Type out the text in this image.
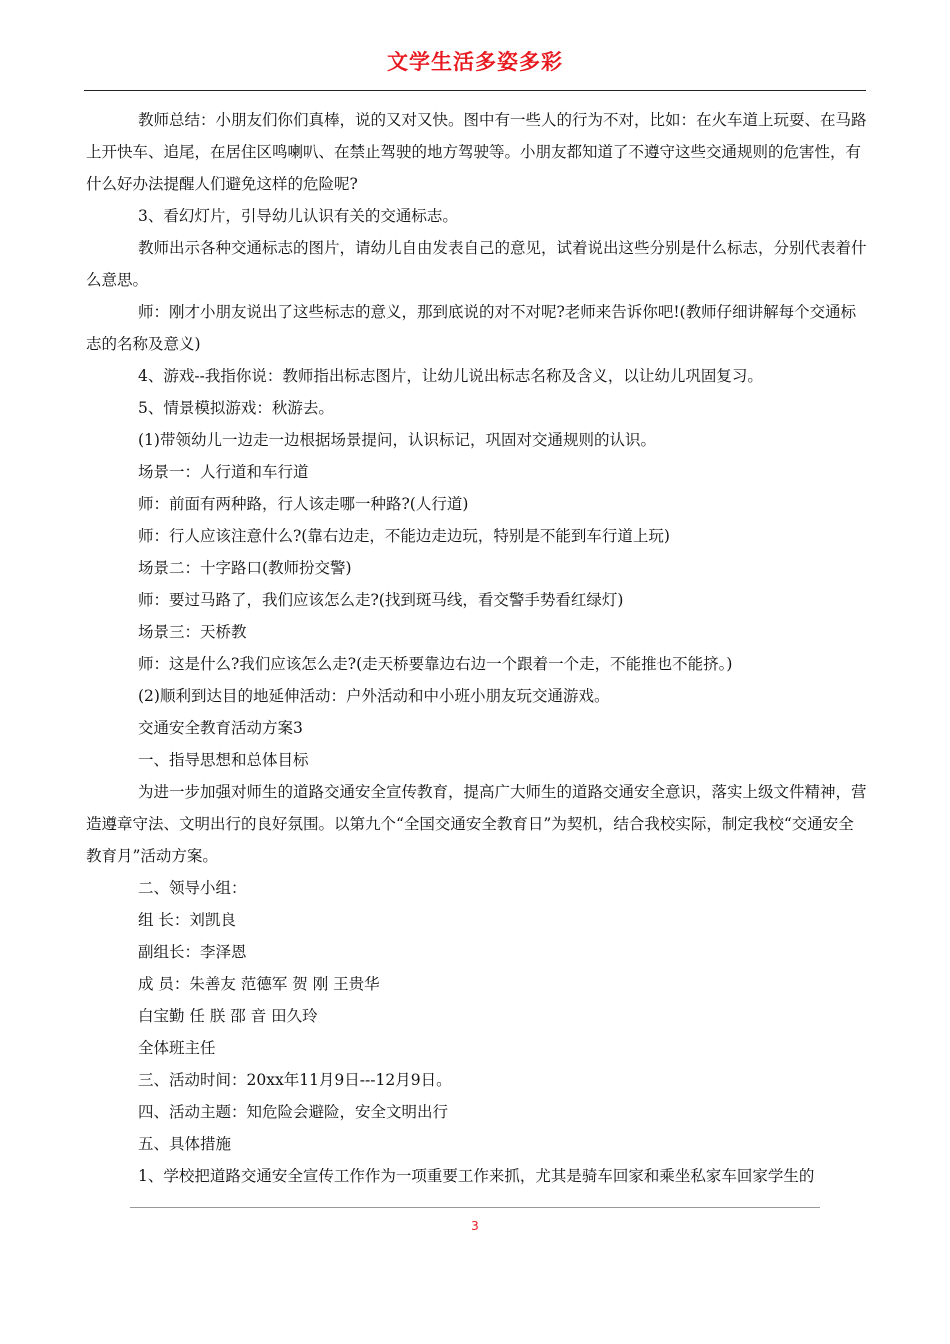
文学生活多姿多彩

教师总结：小朋友们你们真棒，说的又对又快。图中有一些人的行为不对，比如：在火车道上玩耍、在马路上开快车、追尾，在居住区鸣喇叭、在禁止驾驶的地方驾驶等。小朋友都知道了不遵守这些交通规则的危害性，有什么好办法提醒人们避免这样的危险呢?

3、看幻灯片，引导幼儿认识有关的交通标志。

教师出示各种交通标志的图片，请幼儿自由发表自己的意见，试着说出这些分别是什么标志，分别代表着什么意思。

师：刚才小朋友说出了这些标志的意义，那到底说的对不对呢?老师来告诉你吧!(教师仔细讲解每个交通标志的名称及意义)

4、游戏--我指你说：教师指出标志图片，让幼儿说出标志名称及含义，以让幼儿巩固复习。

5、情景模拟游戏：秋游去。

(1)带领幼儿一边走一边根据场景提问，认识标记，巩固对交通规则的认识。

场景一：人行道和车行道

师：前面有两种路，行人该走哪一种路?(人行道)

师：行人应该注意什么?(靠右边走，不能边走边玩，特别是不能到车行道上玩)

场景二：十字路口(教师扮交警)

师：要过马路了，我们应该怎么走?(找到斑马线，看交警手势看红绿灯)

场景三：天桥教

师：这是什么?我们应该怎么走?(走天桥要靠边右边一个跟着一个走，不能推也不能挤。)

(2)顺利到达目的地延伸活动：户外活动和中小班小朋友玩交通游戏。

交通安全教育活动方案3

一、指导思想和总体目标

为进一步加强对师生的道路交通安全宣传教育，提高广大师生的道路交通安全意识，落实上级文件精神，营造遵章守法、文明出行的良好氛围。以第九个“全国交通安全教育日”为契机，结合我校实际，制定我校“交通安全教育月”活动方案。

二、领导小组：

组 长：刘凯良

副组长：李泽恩

成 员：朱善友 范德军 贺 刚 王贵华

白宝勤 任 朕 邵 音 田久玲

全体班主任

三、活动时间：20xx年11月9日---12月9日。

四、活动主题：知危险会避险，安全文明出行

五、具体措施

1、学校把道路交通安全宣传工作作为一项重要工作来抓，尤其是骑车回家和乘坐私家车回家学生的

3
